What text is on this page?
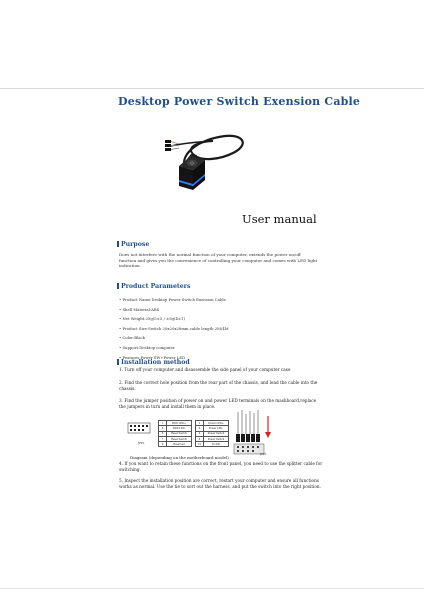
Desktop Power Switch Exension Cable
User manual
Purpose
Does not interfere with the normal function of your computer, extends the power on/off function and gives you the convenience of controlling your computer and comes with LED light indication.
Product Parameters
• Product Name:Desktop Power Switch Exension Cable
• Shell Material:ABS
• Net Weight:25g(5±5 / ±5g(4±1)
• Product Size:Switch 20x20x28mm,cable length 2M/4M
• Color:Black
• Support:Desktop computer
• Features:Power SW+Power LED
Installation method
1. Turn off your computer and disassemble the side panel of your computer case
2. Find the correct hole position from the rear part of the chassis, and lead the cable into the chassis.
3. Find the jumper position of power on and power LED terminals on the mashboard,replace the jumpers in turn and install them in place.
JFP1
1	HDD LED+		2	Power LED+
3	HDD LED-		4	Power LED-
5	Reset Switch		6	Power Switch
7	Reset Switch		8	Power Switch
9	Reserved		10	No Pin
JFP1
Diagram (depending on the motherboard model)
4. If you want to retain these functions on the front panel, you need to use the splitter cable for switching.
5. Inspect the installation position are correct, restart your computer and ensure all functions works as normal. Use the tie to sort out the harness, and put the switch into the right position.
